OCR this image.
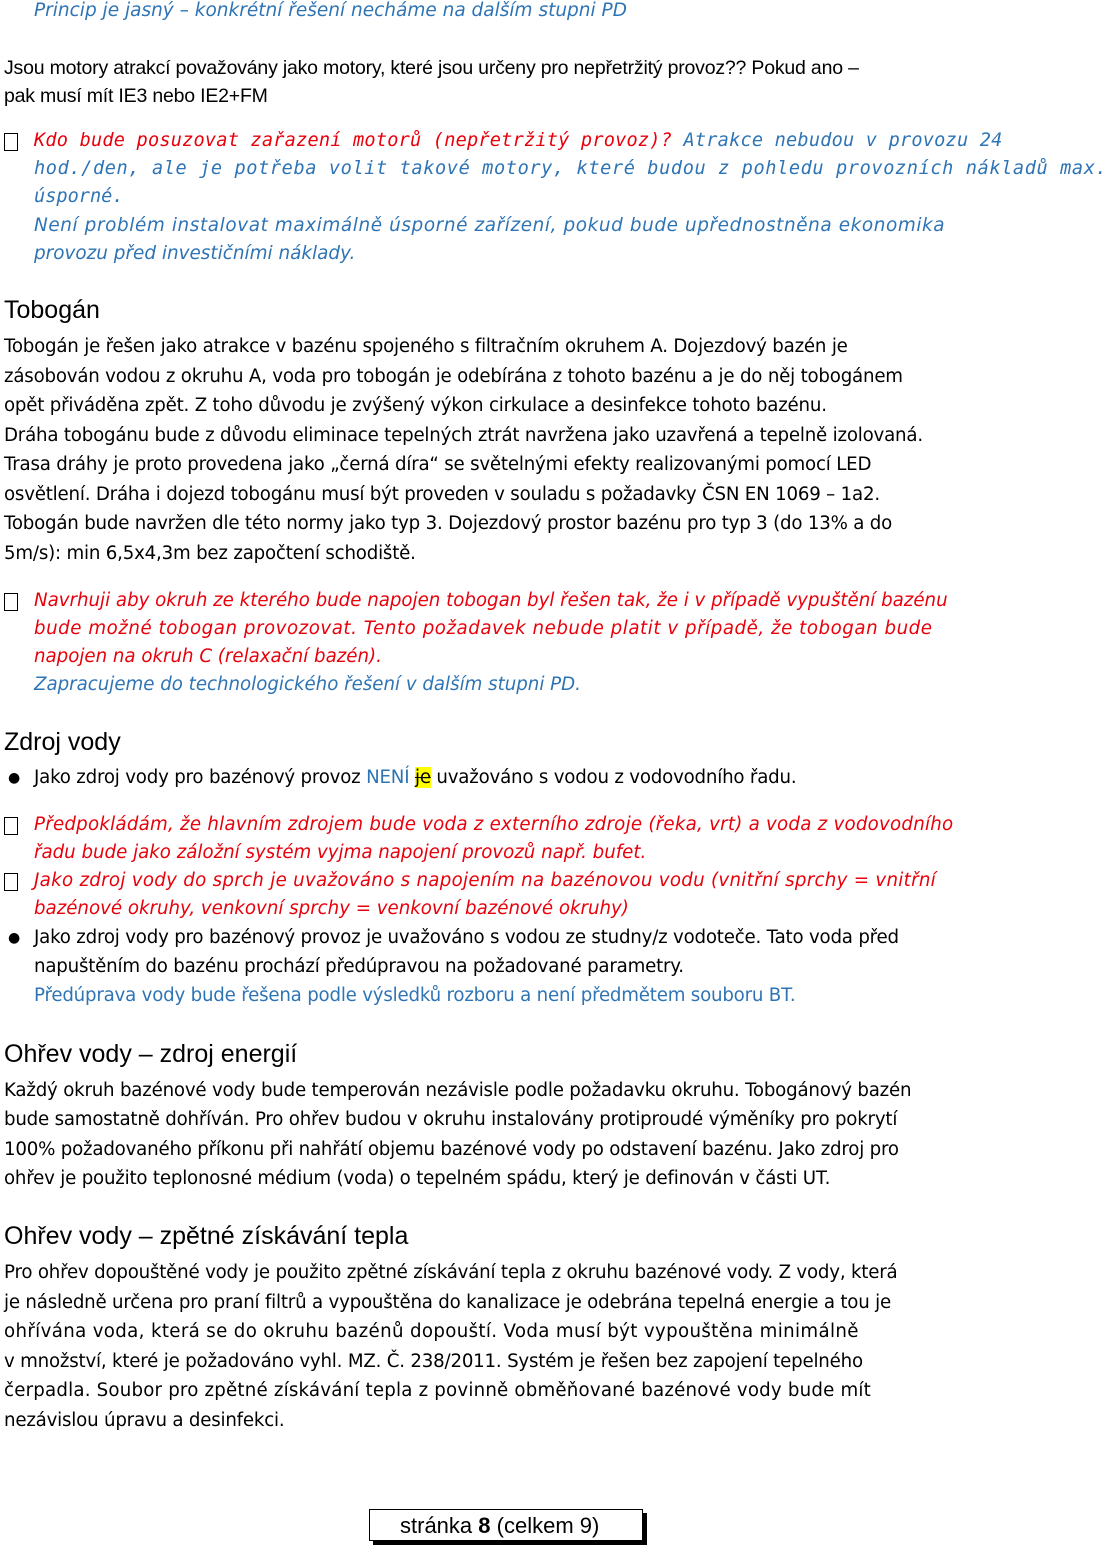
Princip je jasný – konkrétní řešení necháme na dalším stupni PD
Jsou motory atrakcí považovány jako motory, které jsou určeny pro nepřetržitý provoz?? Pokud ano –
pak musí mít IE3 nebo IE2+FM
Kdo bude posuzovat zařazení motorů (nepřetržitý provoz)? Atrakce nebudou v provozu 24
hod./den, ale je potřeba volit takové motory, které budou z pohledu provozních nákladů max.
úsporné.
Není problém instalovat maximálně úsporné zařízení, pokud bude upřednostněna ekonomika
provozu před investičními náklady.
Tobogán
Tobogán je řešen jako atrakce v bazénu spojeného s filtračním okruhem A. Dojezdový bazén je
zásobován vodou z okruhu A, voda pro tobogán je odebírána z tohoto bazénu a je do něj tobogánem
opět přiváděna zpět. Z toho důvodu je zvýšený výkon cirkulace a desinfekce tohoto bazénu.
Dráha tobogánu bude z důvodu eliminace tepelných ztrát navržena jako uzavřená a tepelně izolovaná.
Trasa dráhy je proto provedena jako „černá díra“ se světelnými efekty realizovanými pomocí LED
osvětlení. Dráha i dojezd tobogánu musí být proveden v souladu s požadavky ČSN EN 1069 – 1a2.
Tobogán bude navržen dle této normy jako typ 3. Dojezdový prostor bazénu pro typ 3 (do 13% a do
5m/s): min 6,5x4,3m bez započtení schodiště.
Navrhuji aby okruh ze kterého bude napojen tobogan byl řešen tak, že i v případě vypuštění bazénu
bude možné tobogan provozovat. Tento požadavek nebude platit v případě, že tobogan bude
napojen na okruh C (relaxační bazén).
Zapracujeme do technologického řešení v dalším stupni PD.
Zdroj vody
● Jako zdroj vody pro bazénový provoz NENÍ je uvažováno s vodou z vodovodního řadu.
Předpokládám, že hlavním zdrojem bude voda z externího zdroje (řeka, vrt) a voda z vodovodního
řadu bude jako záložní systém vyjma napojení provozů např. bufet.
Jako zdroj vody do sprch je uvažováno s napojením na bazénovou vodu (vnitřní sprchy = vnitřní
bazénové okruhy, venkovní sprchy = venkovní bazénové okruhy)
● Jako zdroj vody pro bazénový provoz je uvažováno s vodou ze studny/z vodoteče. Tato voda před
napuštěním do bazénu prochází předúpravou na požadované parametry.
Předúprava vody bude řešena podle výsledků rozboru a není předmětem souboru BT.
Ohřev vody – zdroj energií
Každý okruh bazénové vody bude temperován nezávisle podle požadavku okruhu. Tobogánový bazén
bude samostatně dohříván. Pro ohřev budou v okruhu instalovány protiproudé výměníky pro pokrytí
100% požadovaného příkonu při nahřátí objemu bazénové vody po odstavení bazénu. Jako zdroj pro
ohřev je použito teplonosné médium (voda) o tepelném spádu, který je definován v části UT.
Ohřev vody – zpětné získávání tepla
Pro ohřev dopouštěné vody je použito zpětné získávání tepla z okruhu bazénové vody. Z vody, která
je následně určena pro praní filtrů a vypouštěna do kanalizace je odebrána tepelná energie a tou je
ohřívána voda, která se do okruhu bazénů dopouští. Voda musí být vypouštěna minimálně
v množství, které je požadováno vyhl. MZ. Č. 238/2011. Systém je řešen bez zapojení tepelného
čerpadla. Soubor pro zpětné získávání tepla z povinně obměňované bazénové vody bude mít
nezávislou úpravu a desinfekci.
stránka 8 (celkem 9)
